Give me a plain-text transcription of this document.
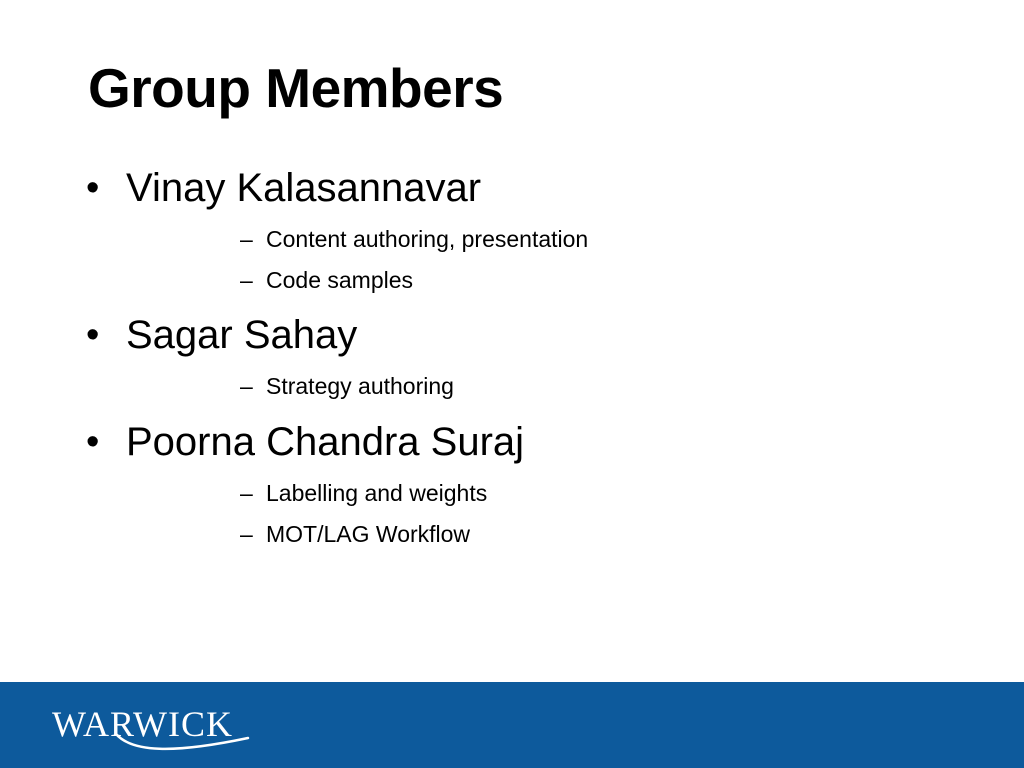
Group Members
• Vinay Kalasannavar
– Content authoring, presentation
– Code samples
• Sagar Sahay
– Strategy authoring
• Poorna Chandra Suraj
– Labelling and weights
– MOT/LAG Workflow
WARWICK
